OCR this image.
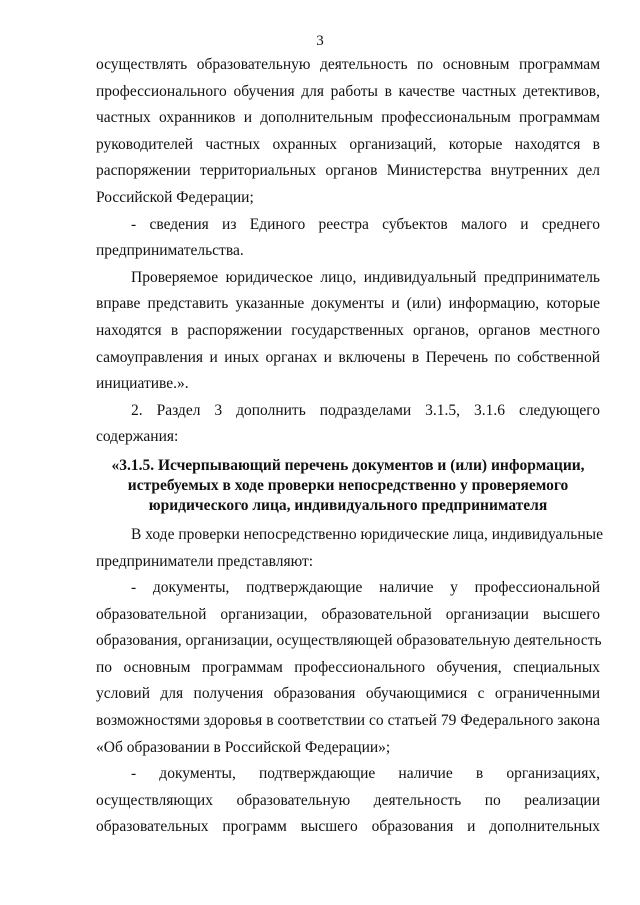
3
осуществлять образовательную деятельность по основным программам
профессионального обучения для работы в качестве частных детективов,
частных охранников и дополнительным профессиональным программам
руководителей частных охранных организаций, которые находятся в
распоряжении территориальных органов Министерства внутренних дел
Российской Федерации;
- сведения из Единого реестра субъектов малого и среднего
предпринимательства.
Проверяемое юридическое лицо, индивидуальный предприниматель
вправе представить указанные документы и (или) информацию, которые
находятся в распоряжении государственных органов, органов местного
самоуправления и иных органах и включены в Перечень по собственной
инициативе.».
2. Раздел 3 дополнить подразделами 3.1.5, 3.1.6 следующего
содержания:
«3.1.5. Исчерпывающий перечень документов и (или) информации,
истребуемых в ходе проверки непосредственно у проверяемого
юридического лица, индивидуального предпринимателя
В ходе проверки непосредственно юридические лица, индивидуальные
предприниматели представляют:
- документы, подтверждающие наличие у профессиональной
образовательной организации, образовательной организации высшего
образования, организации, осуществляющей образовательную деятельность
по основным программам профессионального обучения, специальных
условий для получения образования обучающимися с ограниченными
возможностями здоровья в соответствии со статьей 79 Федерального закона
«Об образовании в Российской Федерации»;
- документы, подтверждающие наличие в организациях,
осуществляющих образовательную деятельность по реализации
образовательных программ высшего образования и дополнительных
